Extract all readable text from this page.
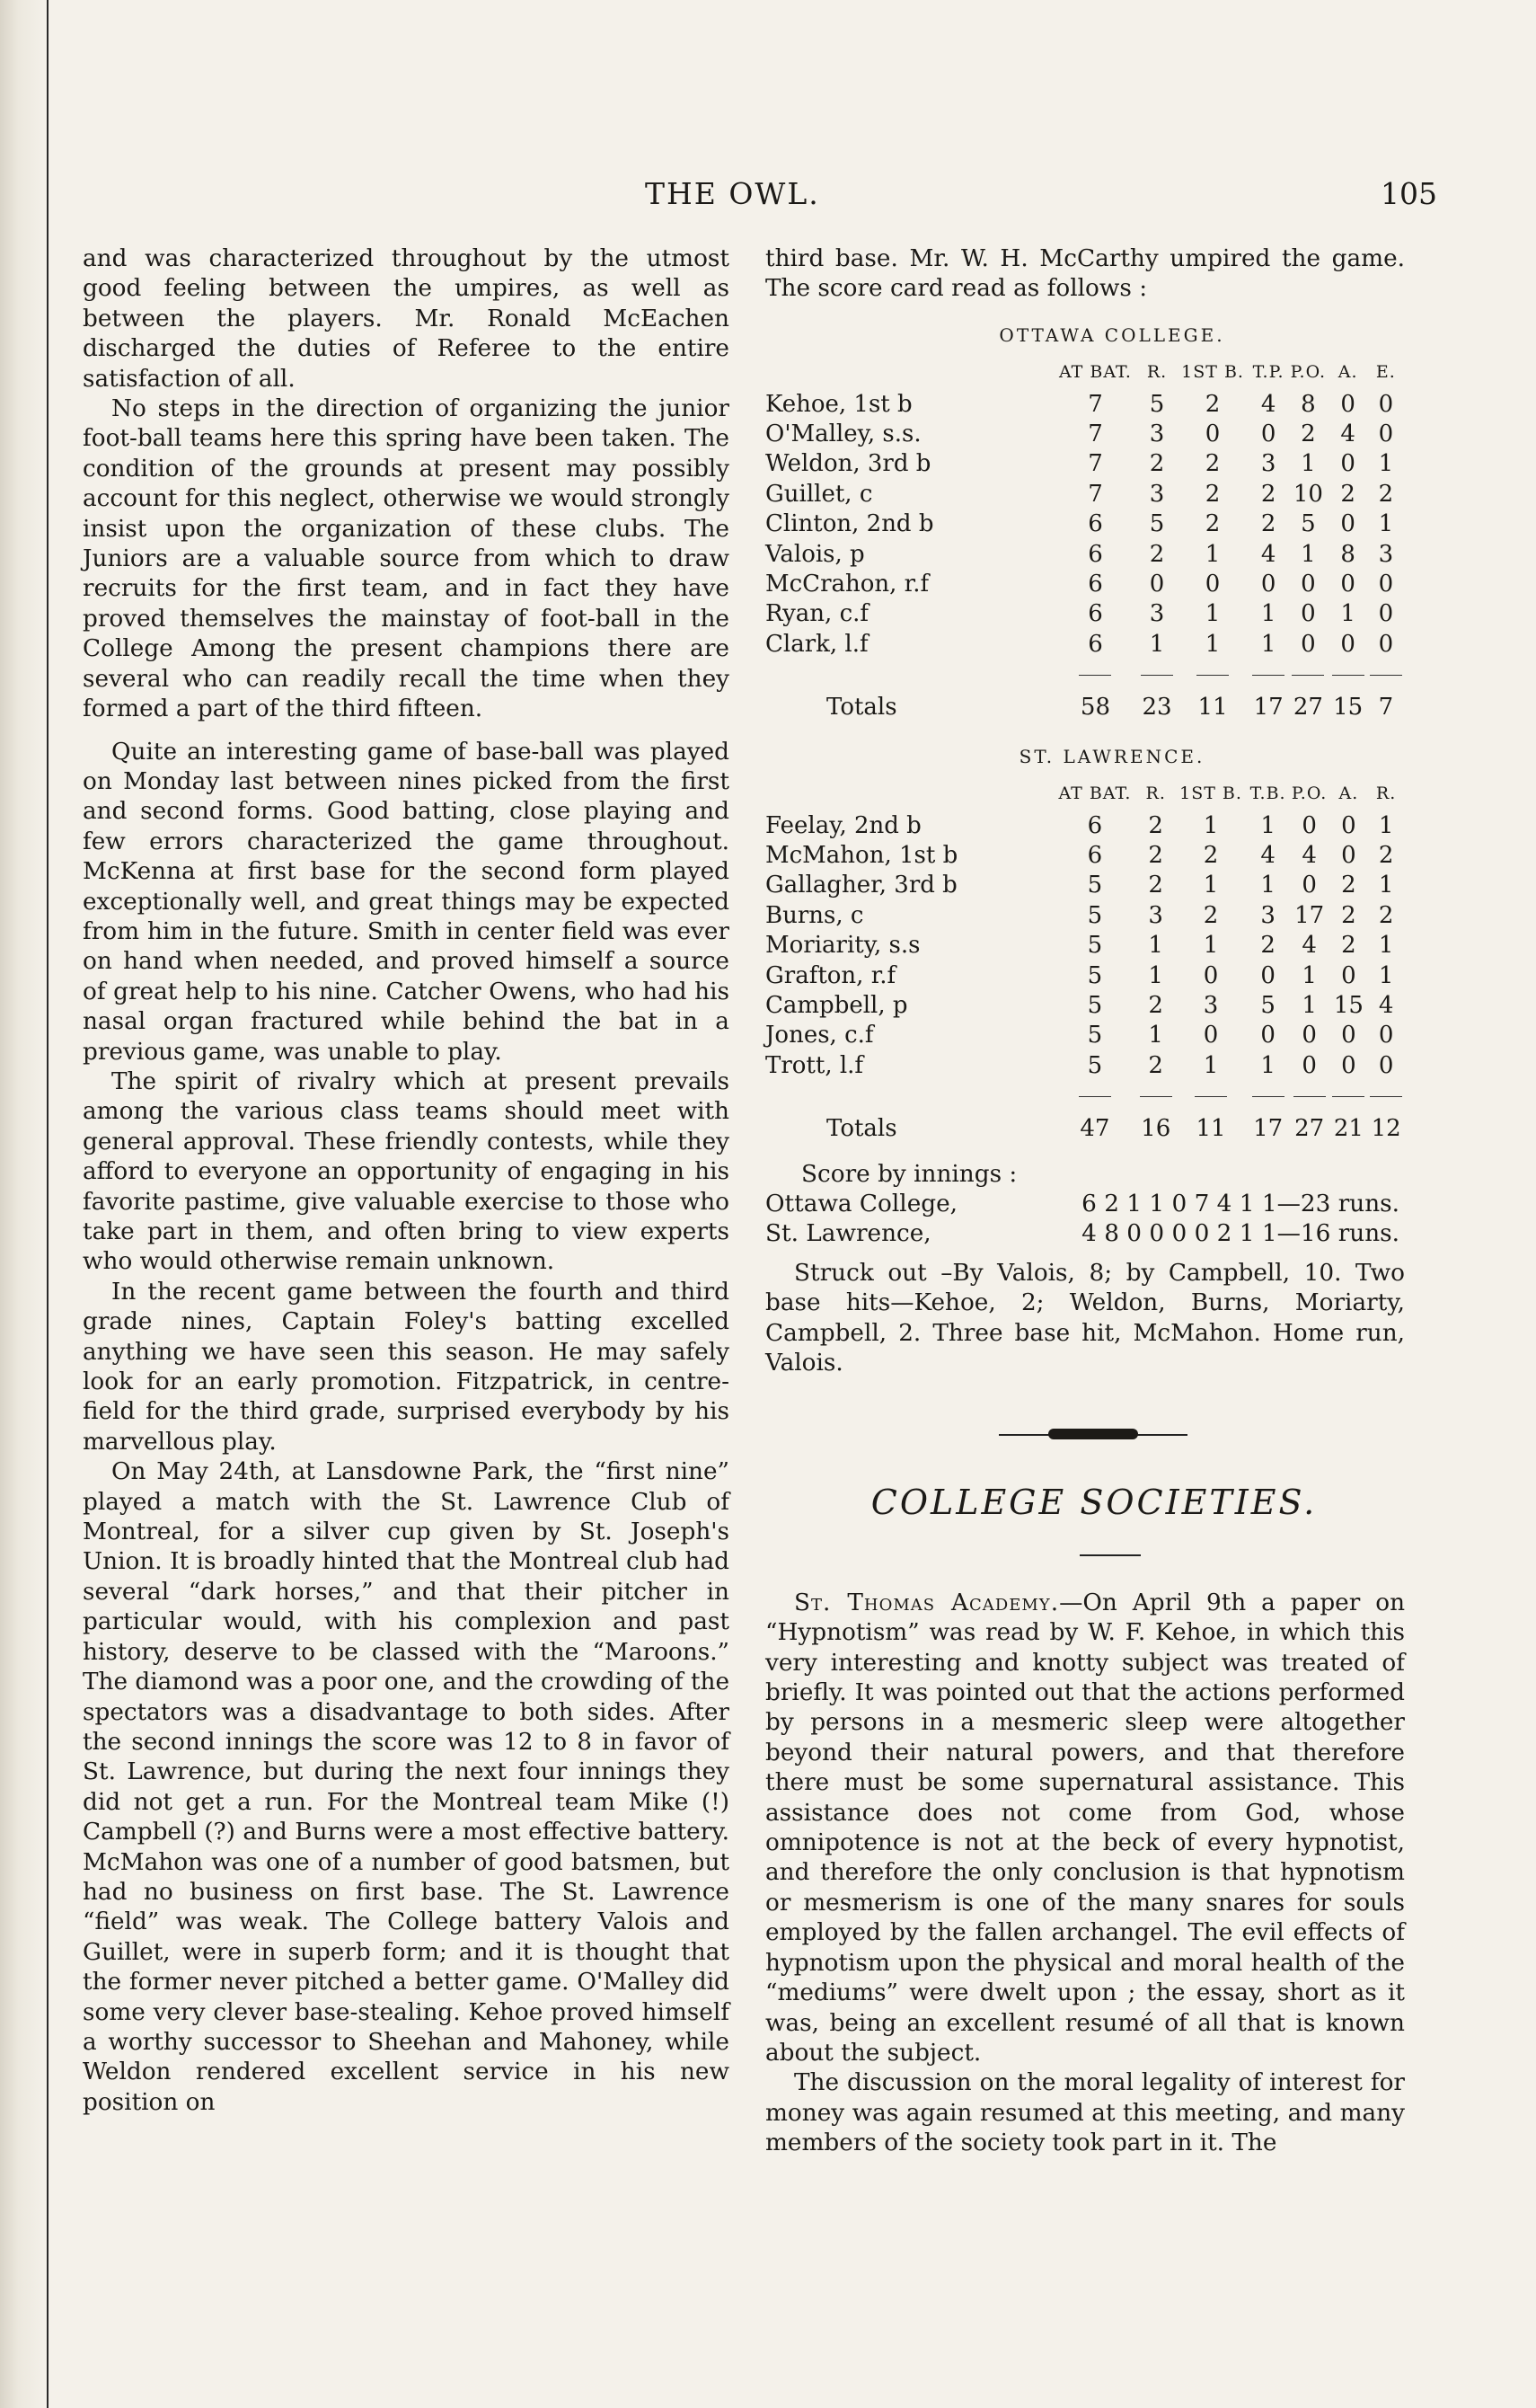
THE OWL.	105

and was characterized throughout by the utmost good feeling between the umpires, as well as between the players. Mr. Ronald McEachen discharged the duties of Referee to the entire satisfaction of all.

No steps in the direction of organizing the junior foot-ball teams here this spring have been taken. The condition of the grounds at present may possibly account for this neglect, otherwise we would strongly insist upon the organization of these clubs. The Juniors are a valuable source from which to draw recruits for the first team, and in fact they have proved themselves the mainstay of foot-ball in the College Among the present champions there are several who can readily recall the time when they formed a part of the third fifteen.

Quite an interesting game of base-ball was played on Monday last between nines picked from the first and second forms. Good batting, close playing and few errors characterized the game throughout. McKenna at first base for the second form played exceptionally well, and great things may be expected from him in the future. Smith in center field was ever on hand when needed, and proved himself a source of great help to his nine. Catcher Owens, who had his nasal organ fractured while behind the bat in a previous game, was unable to play.

The spirit of rivalry which at present prevails among the various class teams should meet with general approval. These friendly contests, while they afford to everyone an opportunity of engaging in his favorite pastime, give valuable exercise to those who take part in them, and often bring to view experts who would otherwise remain unknown.

In the recent game between the fourth and third grade nines, Captain Foley's batting excelled anything we have seen this season. He may safely look for an early promotion. Fitzpatrick, in centre-field for the third grade, surprised everybody by his marvellous play.

On May 24th, at Lansdowne Park, the “first nine” played a match with the St. Lawrence Club of Montreal, for a silver cup given by St. Joseph's Union. It is broadly hinted that the Montreal club had several “dark horses,” and that their pitcher in particular would, with his complexion and past history, deserve to be classed with the “Maroons.” The diamond was a poor one, and the crowding of the spectators was a disadvantage to both sides. After the second innings the score was 12 to 8 in favor of St. Lawrence, but during the next four innings they did not get a run. For the Montreal team Mike (!) Campbell (?) and Burns were a most effective battery. McMahon was one of a number of good batsmen, but had no business on first base. The St. Lawrence “field” was weak. The College battery Valois and Guillet, were in superb form; and it is thought that the former never pitched a better game. O'Malley did some very clever base-stealing. Kehoe proved himself a worthy successor to Sheehan and Mahoney, while Weldon rendered excellent service in his new position on

third base. Mr. W. H. McCarthy umpired the game. The score card read as follows :

OTTAWA COLLEGE.
	AT BAT.	R.	1ST B.	T.P.	P.O.	A.	E.
Kehoe, 1st b	7	5	2	4	8	0	0
O'Malley, s.s.	7	3	0	0	2	4	0
Weldon, 3rd b	7	2	2	3	1	0	1
Guillet, c	7	3	2	2	10	2	2
Clinton, 2nd b	6	5	2	2	5	0	1
Valois, p	6	2	1	4	1	8	3
McCrahon, r.f	6	0	0	0	0	0	0
Ryan, c.f	6	3	1	1	0	1	0
Clark, l.f	6	1	1	1	0	0	0

Totals	58	23	11	17	27	15	7
ST. LAWRENCE.
	AT BAT.	R.	1ST B.	T.B.	P.O.	A.	R.
Feelay, 2nd b	6	2	1	1	0	0	1
McMahon, 1st b	6	2	2	4	4	0	2
Gallagher, 3rd b	5	2	1	1	0	2	1
Burns, c	5	3	2	3	17	2	2
Moriarity, s.s	5	1	1	2	4	2	1
Grafton, r.f	5	1	0	0	1	0	1
Campbell, p	5	2	3	5	1	15	4
Jones, c.f	5	1	0	0	0	0	0
Trott, l.f	5	2	1	1	0	0	0

Totals	47	16	11	17	27	21	12

Score by innings :

Ottawa College,	6 2 1 1 0 7 4 1 1—23 runs.
St. Lawrence,	4 8 0 0 0 0 2 1 1—16 runs.

Struck out –By Valois, 8; by Campbell, 10. Two base hits—Kehoe, 2; Weldon, Burns, Moriarty, Campbell, 2. Three base hit, McMahon. Home run, Valois.

COLLEGE SOCIETIES.

St. Thomas Academy.—On April 9th a paper on “Hypnotism” was read by W. F. Kehoe, in which this very interesting and knotty subject was treated of briefly. It was pointed out that the actions performed by persons in a mesmeric sleep were altogether beyond their natural powers, and that therefore there must be some supernatural assistance. This assistance does not come from God, whose omnipotence is not at the beck of every hypnotist, and therefore the only conclusion is that hypnotism or mesmerism is one of the many snares for souls employed by the fallen archangel. The evil effects of hypnotism upon the physical and moral health of the “mediums” were dwelt upon ; the essay, short as it was, being an excellent resumé of all that is known about the subject.

The discussion on the moral legality of interest for money was again resumed at this meeting, and many members of the society took part in it. The
